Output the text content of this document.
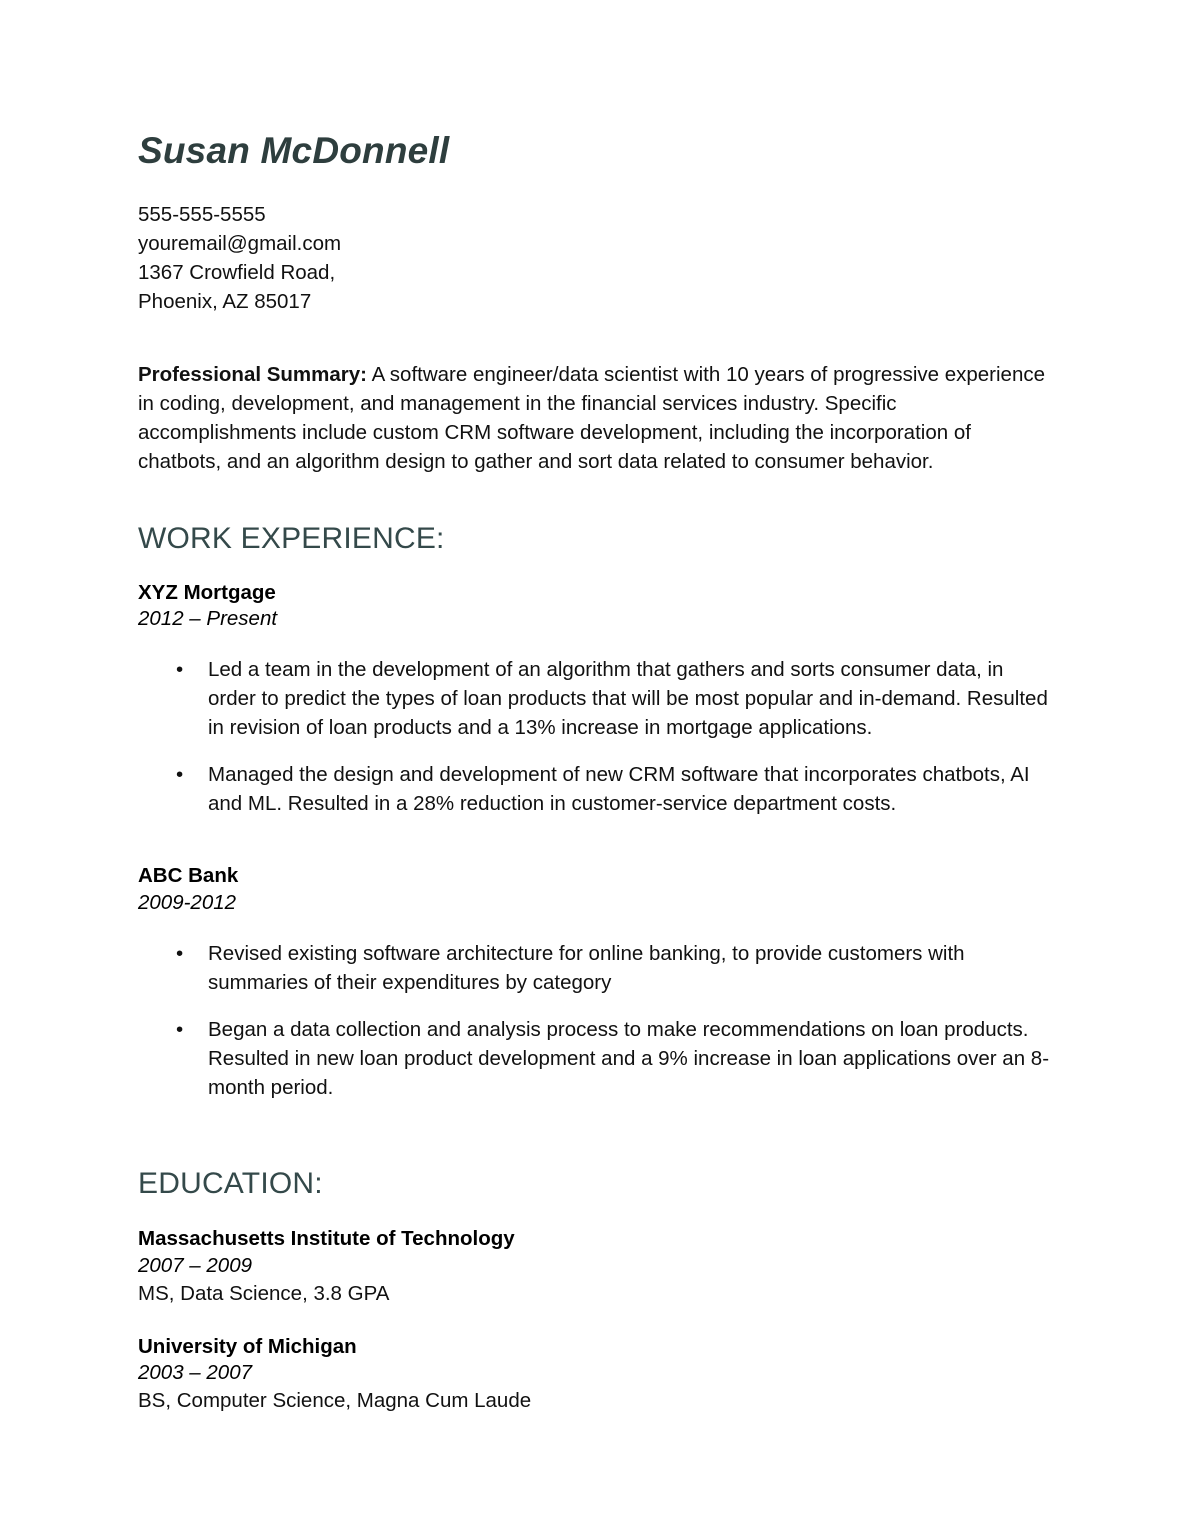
Susan McDonnell
555-555-5555
youremail@gmail.com
1367 Crowfield Road,
Phoenix, AZ 85017

Professional Summary: A software engineer/data scientist with 10 years of progressive experience in coding, development, and management in the financial services industry. Specific accomplishments include custom CRM software development, including the incorporation of chatbots, and an algorithm design to gather and sort data related to consumer behavior.

WORK EXPERIENCE:
XYZ Mortgage
2012 – Present
• Led a team in the development of an algorithm that gathers and sorts consumer data, in order to predict the types of loan products that will be most popular and in-demand. Resulted in revision of loan products and a 13% increase in mortgage applications.
• Managed the design and development of new CRM software that incorporates chatbots, AI and ML. Resulted in a 28% reduction in customer-service department costs.
ABC Bank
2009-2012
• Revised existing software architecture for online banking, to provide customers with summaries of their expenditures by category
• Began a data collection and analysis process to make recommendations on loan products. Resulted in new loan product development and a 9% increase in loan applications over an 8-month period.
EDUCATION:
Massachusetts Institute of Technology
2007 – 2009
MS, Data Science, 3.8 GPA
University of Michigan
2003 – 2007
BS, Computer Science, Magna Cum Laude
